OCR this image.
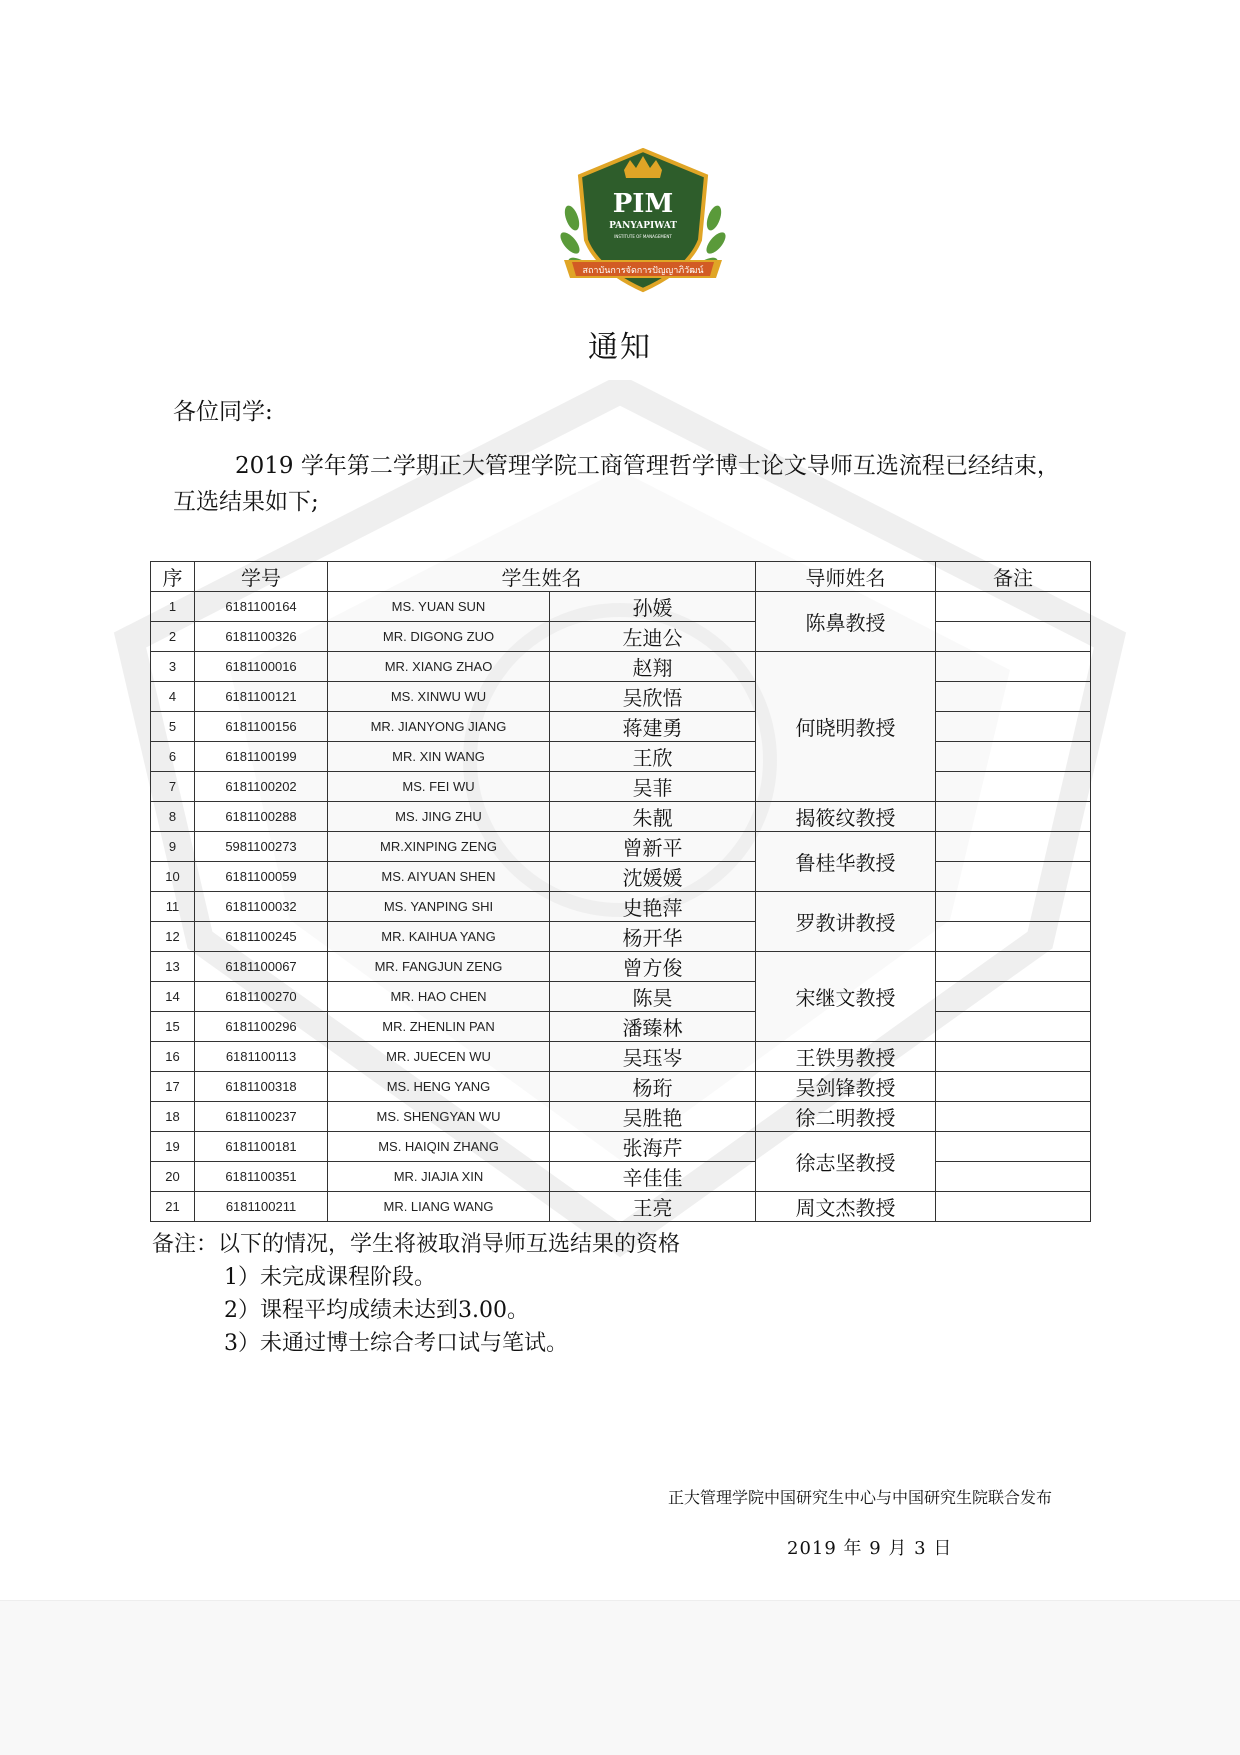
PIM
PANYAPIWAT
INSTITUTE OF MANAGEMENT
สถาบันการจัดการปัญญาภิวัฒน์
通知
各位同学:

2019 学年第二学期正大管理学院工商管理哲学博士论文导师互选流程已经结束，互选结果如下;

序	学号	学生姓名		导师姓名	备注
1	6181100164	MS. YUAN SUN	孙媛	陈鼻教授	
2	6181100326	MR. DIGONG ZUO	左迪公		
3	6181100016	MR. XIANG ZHAO	赵翔	何晓明教授	
4	6181100121	MS. XINWU WU	吴欣悟		
5	6181100156	MR. JIANYONG JIANG	蒋建勇		
6	6181100199	MR. XIN WANG	王欣		
7	6181100202	MS. FEI WU	吴菲		
8	6181100288	MS. JING ZHU	朱靓	揭筱纹教授	
9	5981100273	MR.XINPING ZENG	曾新平	鲁桂华教授	
10	6181100059	MS. AIYUAN SHEN	沈媛媛		
11	6181100032	MS. YANPING SHI	史艳萍	罗教讲教授	
12	6181100245	MR. KAIHUA YANG	杨开华		
13	6181100067	MR. FANGJUN ZENG	曾方俊	宋继文教授	
14	6181100270	MR. HAO CHEN	陈昊		
15	6181100296	MR. ZHENLIN PAN	潘臻林		
16	6181100113	MR. JUECEN WU	吴珏岑	王铁男教授	
17	6181100318	MS. HENG YANG	杨珩	吴剑锋教授	
18	6181100237	MS. SHENGYAN WU	吴胜艳	徐二明教授	
19	6181100181	MS. HAIQIN ZHANG	张海芹	徐志坚教授	
20	6181100351	MR. JIAJIA XIN	辛佳佳		
21	6181100211	MR. LIANG WANG	王亮	周文杰教授	
备注：以下的情况，学生将被取消导师互选结果的资格
1）未完成课程阶段。
2）课程平均成绩未达到3.00。
3）未通过博士综合考口试与笔试。
正大管理学院中国研究生中心与中国研究生院联合发布
2019 年 9 月 3 日
